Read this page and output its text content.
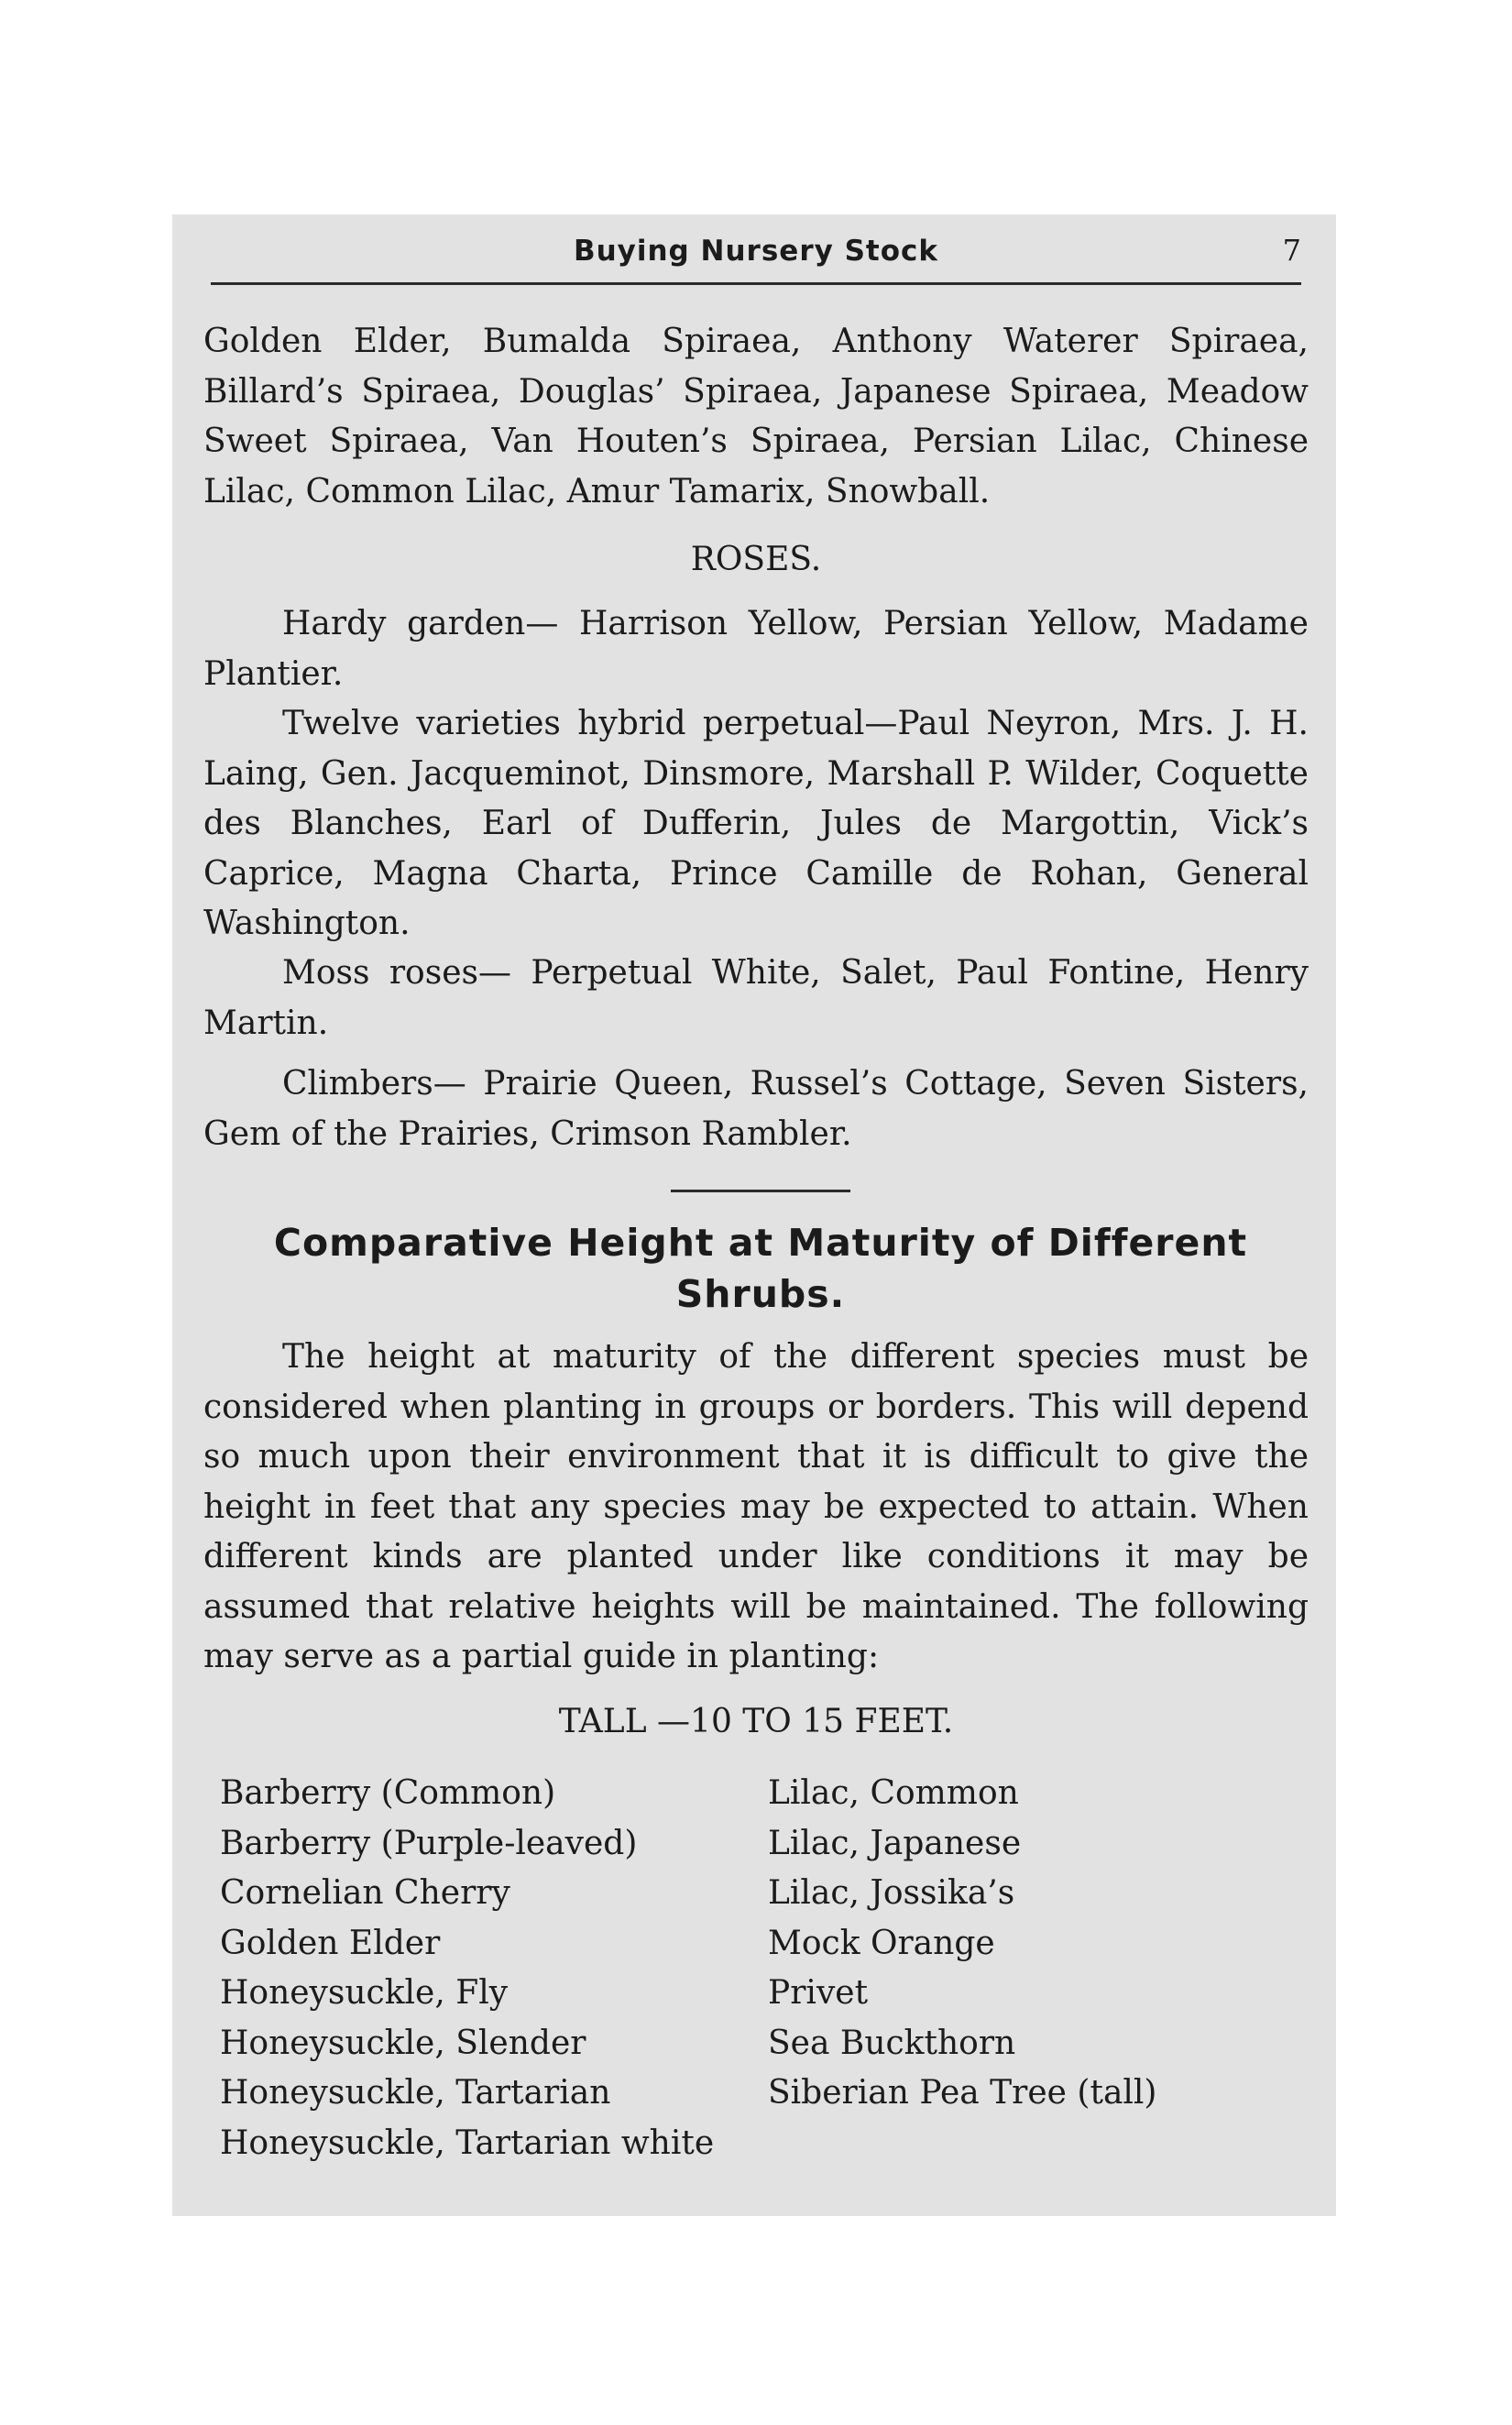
Buying Nursery Stock	7

Golden Elder, Bumalda Spiraea, Anthony Waterer Spiraea, Billard’s Spiraea, Douglas’ Spiraea, Japanese Spiraea, Meadow Sweet Spiraea, Van Houten’s Spiraea, Persian Lilac, Chinese Lilac, Common Lilac, Amur Tamarix, Snowball.

ROSES.

Hardy garden— Harrison Yellow, Persian Yellow, Madame Plantier.

Twelve varieties hybrid perpetual—Paul Neyron, Mrs. J. H. Laing, Gen. Jacqueminot, Dinsmore, Marshall P. Wilder, Coquette des Blanches, Earl of Dufferin, Jules de Margottin, Vick’s Caprice, Magna Charta, Prince Camille de Rohan, General Washington.

Moss roses— Perpetual White, Salet, Paul Fontine, Henry Martin.

Climbers— Prairie Queen, Russel’s Cottage, Seven Sisters, Gem of the Prairies, Crimson Rambler.

Comparative Height at Maturity of Different Shrubs.

The height at maturity of the different species must be considered when planting in groups or borders. This will depend so much upon their environment that it is difficult to give the height in feet that any species may be expected to attain. When different kinds are planted under like conditions it may be assumed that relative heights will be maintained. The following may serve as a partial guide in planting:

TALL —10 TO 15 FEET.

Barberry (Common)
Barberry (Purple-leaved)
Cornelian Cherry
Golden Elder
Honeysuckle, Fly
Honeysuckle, Slender
Honeysuckle, Tartarian
Honeysuckle, Tartarian white
Lilac, Common
Lilac, Japanese
Lilac, Jossika’s
Mock Orange
Privet
Sea Buckthorn
Siberian Pea Tree (tall)
